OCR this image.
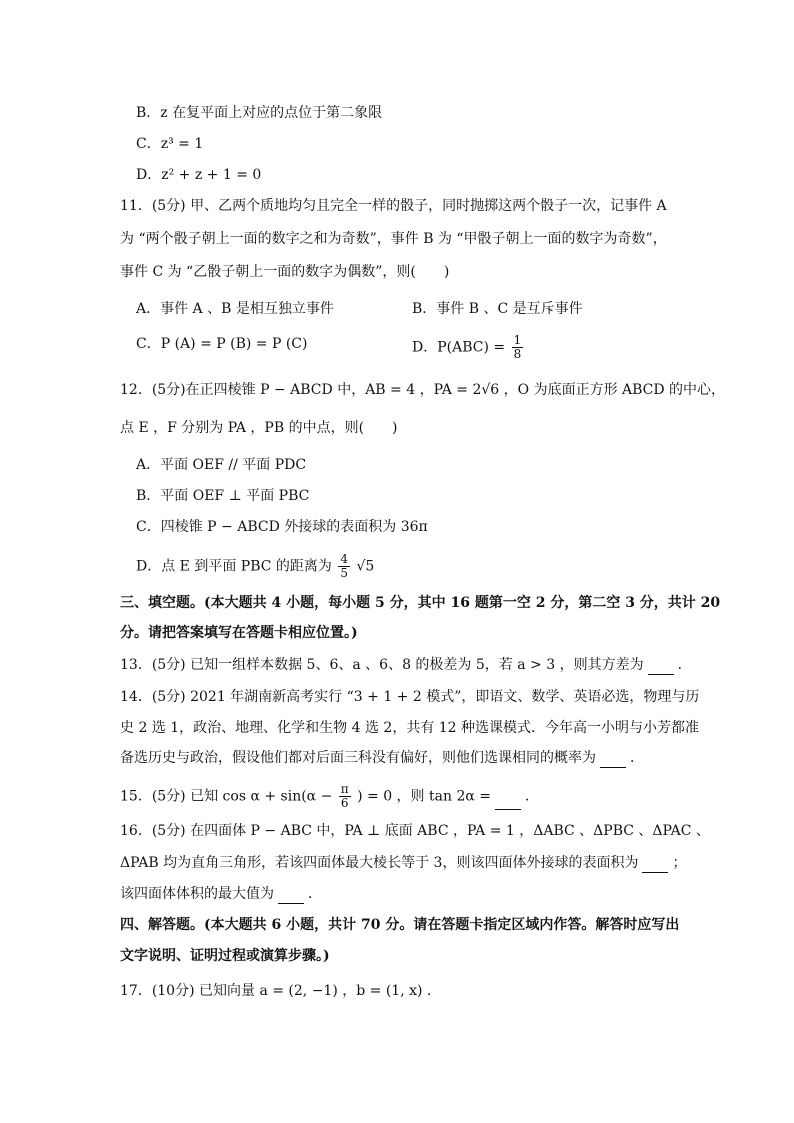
B．z 在复平面上对应的点位于第二象限
C．z³ = 1
D．z² + z + 1 = 0
11．(5分) 甲、乙两个质地均匀且完全一样的骰子，同时抛掷这两个骰子一次，记事件 A
为 “两个骰子朝上一面的数字之和为奇数”，事件 B 为 “甲骰子朝上一面的数字为奇数”，
事件 C 为 “乙骰子朝上一面的数字为偶数”，则(　　)
A．事件 A 、B 是相互独立事件	B．事件 B 、C 是互斥事件
C．P (A) = P (B) = P (C)	D．$P(ABC) = \frac{1}{8}$
12．(5分)在正四棱锥 P − ABCD 中，AB = 4 ，PA = 2√6 ，O 为底面正方形 ABCD 的中心，
点 E ，F 分别为 PA ，PB 的中点，则(　　)
A．平面 OEF // 平面 PDC
B．平面 OEF ⊥ 平面 PBC
C．四棱锥 P − ABCD 外接球的表面积为 36π
D．点 E 到平面 PBC 的距离为 $\frac{4}{5} √5$
三、填空题。(本大题共 4 小题，每小题 5 分，其中 16 题第一空 2 分，第二空 3 分，共计 20
分。请把答案填写在答题卡相应位置。)
13．(5分) 已知一组样本数据 5、6、a 、6、8 的极差为 5，若 a > 3 ，则其方差为 ．
14．(5分) 2021 年湖南新高考实行 “3 + 1 + 2 模式”，即语文、数学、英语必选，物理与历
史 2 选 1，政治、地理、化学和生物 4 选 2，共有 12 种选课模式．今年高一小明与小芳都准
备选历史与政治，假设他们都对后面三科没有偏好，则他们选课相同的概率为 ．
15．(5分) 已知 $\cos \alpha + \sin(\alpha - \frac{\pi}{6}$ ) = 0 ，则 tan 2α = ．
16．(5分) 在四面体 P − ABC 中，PA ⊥ 底面 ABC ，PA = 1 ，ΔABC 、ΔPBC 、ΔPAC 、
ΔPAB 均为直角三角形，若该四面体最大棱长等于 3，则该四面体外接球的表面积为 ；
该四面体体积的最大值为 ．
四、解答题。(本大题共 6 小题，共计 70 分。请在答题卡指定区域内作答。解答时应写出
文字说明、证明过程或演算步骤。)
17．(10分) 已知向量 a = (2, −1) ，b = (1, x) .
